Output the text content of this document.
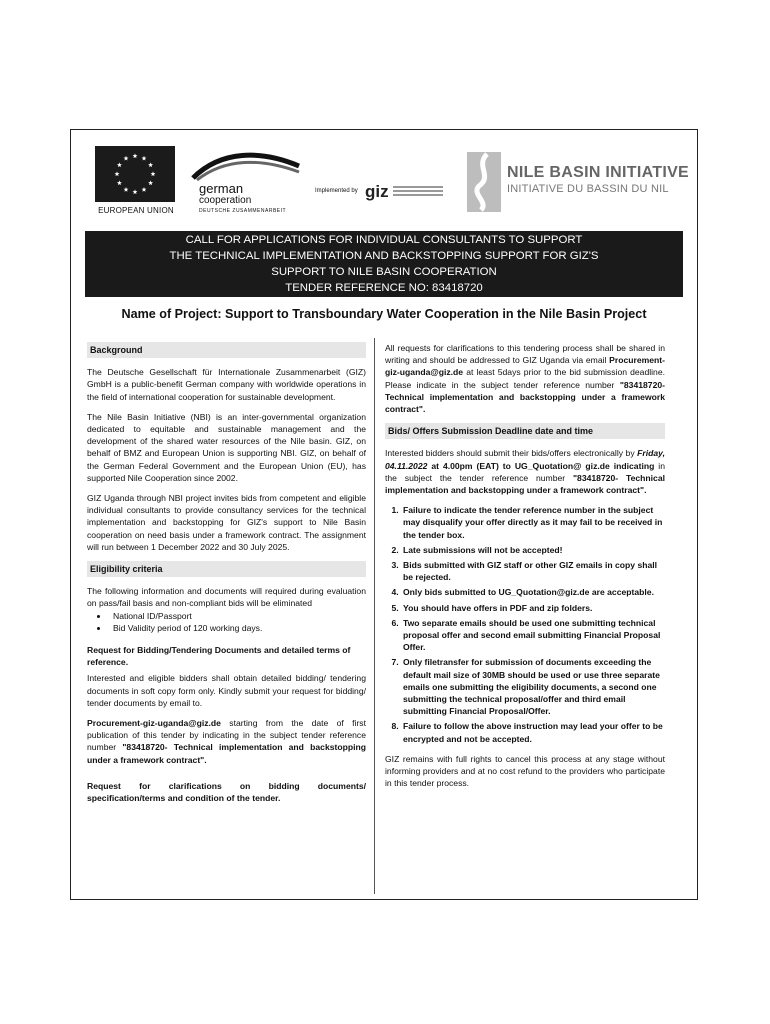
EUROPEAN UNION
german
cooperation
DEUTSCHE ZUSAMMENARBEIT
Implemented by giz
NILE BASIN INITIATIVE
INITIATIVE DU BASSIN DU NIL
CALL FOR APPLICATIONS FOR INDIVIDUAL CONSULTANTS TO SUPPORT
THE TECHNICAL IMPLEMENTATION AND BACKSTOPPING SUPPORT FOR GIZ'S
SUPPORT TO NILE BASIN COOPERATION
TENDER REFERENCE NO: 83418720
Name of Project: Support to Transboundary Water Cooperation in the Nile Basin Project
Background

The Deutsche Gesellschaft für Internationale Zusammenarbeit (GIZ) GmbH is a public-benefit German company with worldwide operations in the field of international cooperation for sustainable development.

The Nile Basin Initiative (NBI) is an inter-governmental organization dedicated to equitable and sustainable management and the development of the shared water resources of the Nile basin. GIZ, on behalf of BMZ and European Union is supporting NBI. GIZ, on behalf of the German Federal Government and the European Union (EU), has supported Nile Cooperation since 2002.

GIZ Uganda through NBI project invites bids from competent and eligible individual consultants to provide consultancy services for the technical implementation and backstopping for GIZ's support to Nile Basin cooperation on need basis under a framework contract. The assignment will run between 1 December 2022 and 30 July 2025.

Eligibility criteria

The following information and documents will required during evaluation on pass/fail basis and non-compliant bids will be eliminated

• National ID/Passport
• Bid Validity period of 120 working days.
Request for Bidding/Tendering Documents and detailed terms of reference.

Interested and eligible bidders shall obtain detailed bidding/ tendering documents in soft copy form only. Kindly submit your request for bidding/ tender documents by email to.

Procurement-giz-uganda@giz.de starting from the date of first publication of this tender by indicating in the subject tender reference number "83418720- Technical implementation and backstopping under a framework contract".

Request for clarifications on bidding documents/ specification/terms and condition of the tender.

All requests for clarifications to this tendering process shall be shared in writing and should be addressed to GIZ Uganda via email Procurement-giz-uganda@giz.de at least 5days prior to the bid submission deadline. Please indicate in the subject tender reference number "83418720- Technical implementation and backstopping under a framework contract".

Bids/ Offers Submission Deadline date and time

Interested bidders should submit their bids/offers electronically by Friday, 04.11.2022 at 4.00pm (EAT) to UG_Quotation@ giz.de indicating in the subject the tender reference number "83418720- Technical implementation and backstopping under a framework contract".

1. Failure to indicate the tender reference number in the subject may disqualify your offer directly as it may fail to be received in the tender box.
2. Late submissions will not be accepted!
3. Bids submitted with GIZ staff or other GIZ emails in copy shall be rejected.
4. Only bids submitted to UG_Quotation@giz.de are acceptable.
5. You should have offers in PDF and zip folders.
6. Two separate emails should be used one submitting technical proposal offer and second email submitting Financial Proposal Offer.
7. Only filetransfer for submission of documents exceeding the default mail size of 30MB should be used or use three separate emails one submitting the eligibility documents, a second one submitting the technical proposal/offer and third email submitting Financial Proposal/Offer.
8. Failure to follow the above instruction may lead your offer to be encrypted and not be accepted.

GIZ remains with full rights to cancel this process at any stage without informing providers and at no cost refund to the providers who participate in this tender process.
